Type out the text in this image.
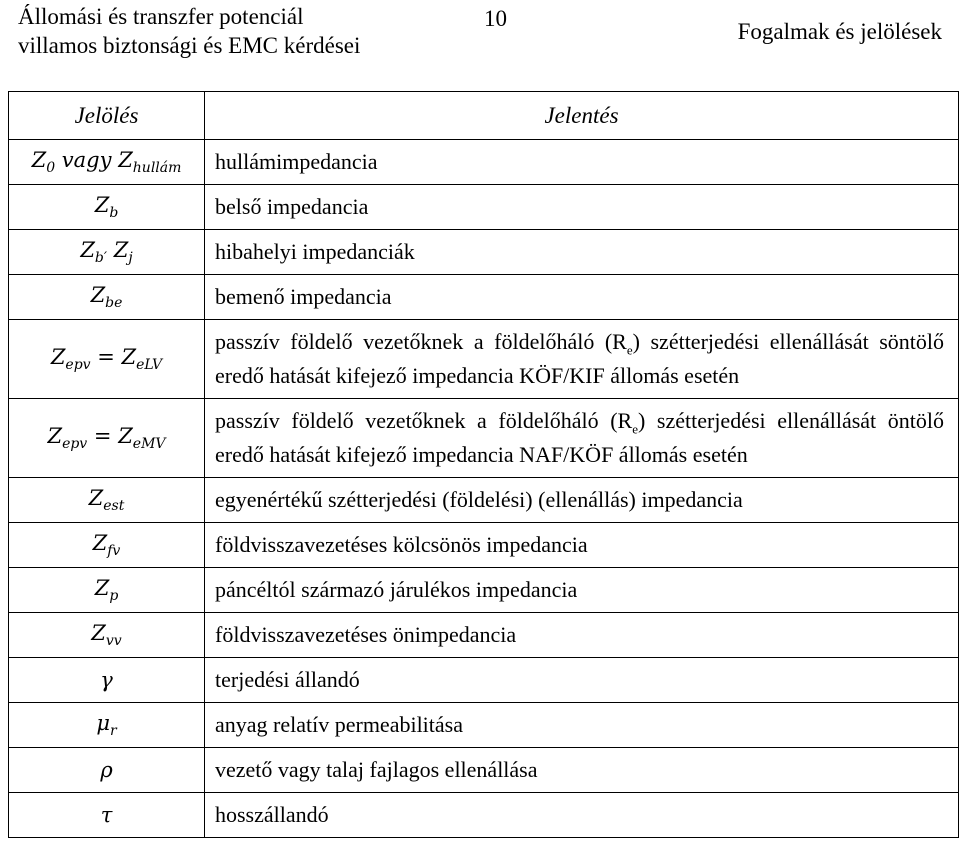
Állomási és transzfer potenciál
villamos biztonsági és EMC kérdései
10
Fogalmak és jelölések
Jelölés	Jelentés
$Z_0$ vagy $Z_{hullám}$	hullámimpedancia
$Z_b$	belső impedancia
$Z_{b'}$ $Z_j$	hibahelyi impedanciák
$Z_{be}$	bemenő impedancia
$Z_{epv} = Z_{eLV}$	passzív földelő vezetőknek a földelőháló $(R_e)$ szétterjedési ellenállását söntölő eredő hatását kifejező impedancia KÖF/KIF állomás esetén
$Z_{epv} = Z_{eMV}$	passzív földelő vezetőknek a földelőháló $(R_e)$ szétterjedési ellenállását öntölő eredő hatását kifejező impedancia NAF/KÖF állomás esetén
$Z_{est}$	egyenértékű szétterjedési (földelési) (ellenállás) impedancia
$Z_{fv}$	földvisszavezetéses kölcsönös impedancia
$Z_p$	páncéltól származó járulékos impedancia
$Z_{vv}$	földvisszavezetéses önimpedancia
γ	terjedési állandó
$\mu_r$	anyag relatív permeabilitása
ρ	vezető vagy talaj fajlagos ellenállása
τ	hosszállandó
